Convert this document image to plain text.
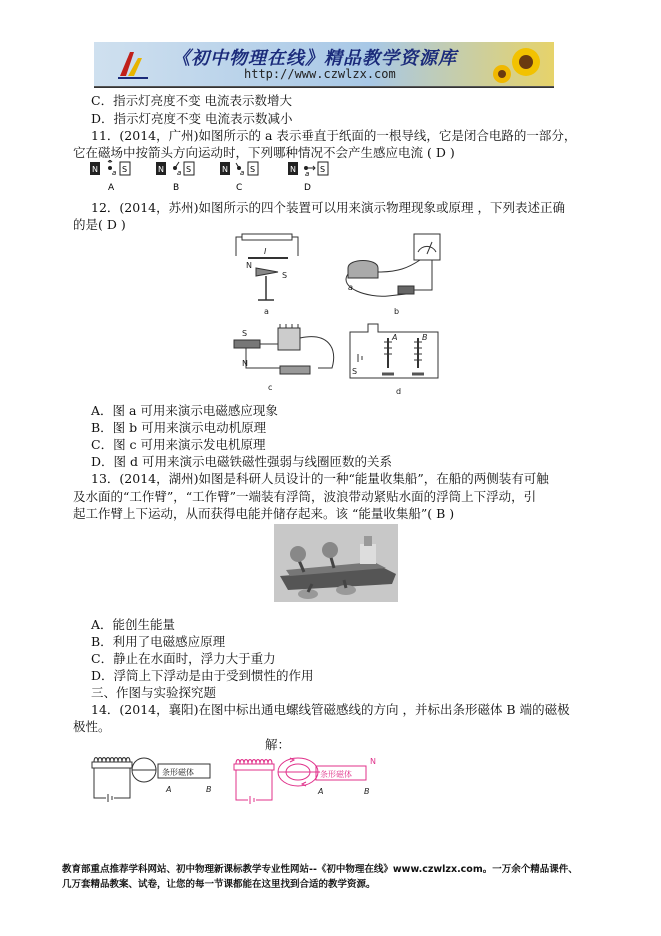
《初中物理在线》精品教学资源库
http://www.czwlzx.com
C．指示灯亮度不变 电流表示数增大
D．指示灯亮度不变 电流表示数减小
11．(2014，广州)如图所示的 a 表示垂直于纸面的一根导线，它是闭合电路的一部分，
它在磁场中按箭头方向运动时，下列哪种情况不会产生感应电流 ( D )
N	S
a
A
N	S
a
B
N	S
a
C
N	S
a
D
12．(2014，苏州)如图所示的四个装置可以用来演示物理现象或原理 ，下列表述正确
的是( D )
N
S
I
a
a
b
S
N
c
A	B
S
d
A．图 a 可用来演示电磁感应现象
B．图 b 可用来演示电动机原理
C．图 c 可用来演示发电机原理
D．图 d 可用来演示电磁铁磁性强弱与线圈匝数的关系
13．(2014，湖州)如图是科研人员设计的一种“能量收集船”，在船的两侧装有可触
及水面的“工作臂”，“工作臂”一端装有浮筒，波浪带动紧贴水面的浮筒上下浮动，引
起工作臂上下运动，从而获得电能并储存起来。该 “能量收集船”( B )
A．能创生能量
B．利用了电磁感应原理
C．静止在水面时，浮力大于重力
D．浮筒上下浮动是由于受到惯性的作用
三、作图与实验探究题
14．(2014，襄阳)在图中标出通电螺线管磁感线的方向 ，并标出条形磁体 B 端的磁极
极性。
解：
条形磁体
A	B
条形磁体
A	B
N
教育部重点推荐学科网站、初中物理新课标教学专业性网站--《初中物理在线》www.czwlzx.com。一万余个精品课件、
几万套精品教案、试卷，让您的每一节课都能在这里找到合适的教学资源。
